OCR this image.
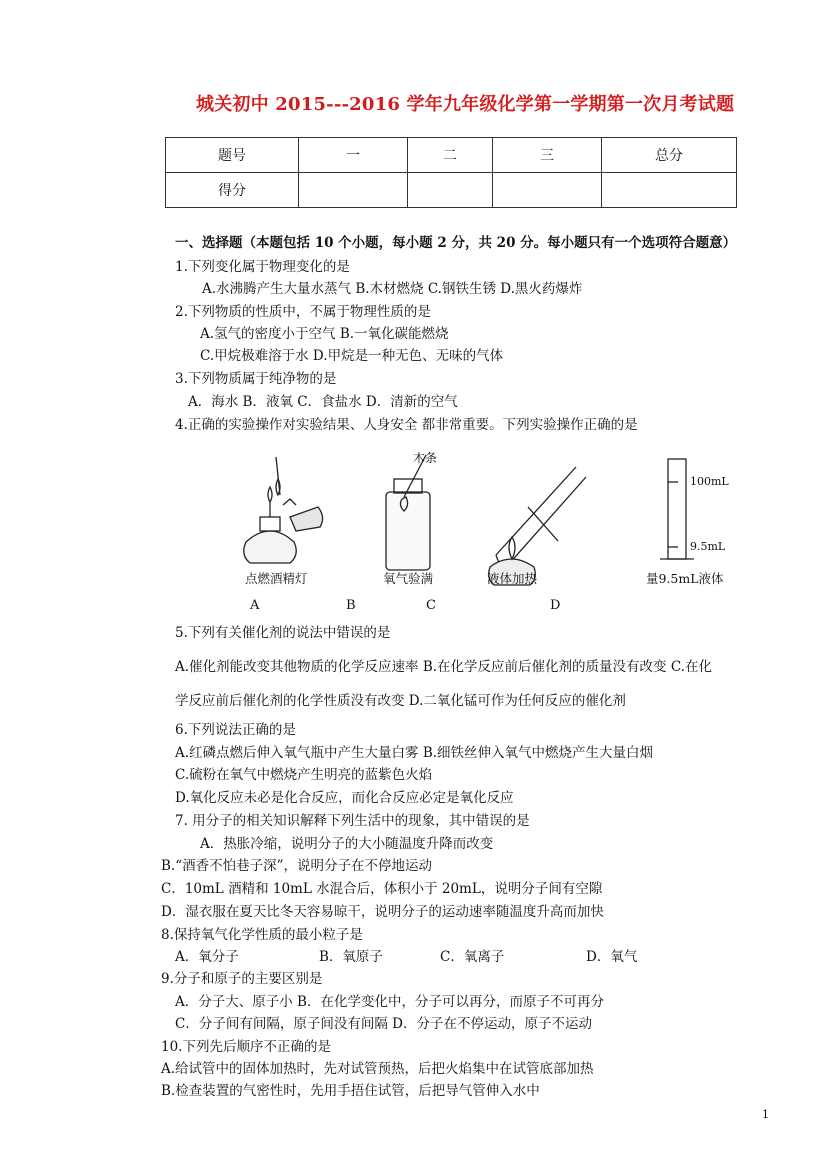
城关初中 2015---2016 学年九年级化学第一学期第一次月考试题
题号	一	二	三	总分
得分				
一、选择题（本题包括 10 个小题，每小题 2 分，共 20 分。每小题只有一个选项符合题意）
1.下列变化属于物理变化的是
A.水沸腾产生大量水蒸气 B.木材燃烧 C.钢铁生锈 D.黑火药爆炸
2.下列物质的性质中，不属于物理性质的是
A.氢气的密度小于空气 B.一氧化碳能燃烧
C.甲烷极难溶于水 D.甲烷是一种无色、无味的气体
3.下列物质属于纯净物的是
A．海水 B．液氧 C．食盐水 D．清新的空气
4.正确的实验操作对实验结果、人身安全 都非常重要。下列实验操作正确的是
木条
100mL
9.5mL
点燃酒精灯	氧气验满	液体加热	量9.5mL液体
A	B	C	D
5.下列有关催化剂的说法中错误的是
A.催化剂能改变其他物质的化学反应速率 B.在化学反应前后催化剂的质量没有改变 C.在化
学反应前后催化剂的化学性质没有改变 D.二氧化锰可作为任何反应的催化剂
6.下列说法正确的是
A.红磷点燃后伸入氧气瓶中产生大量白雾 B.细铁丝伸入氧气中燃烧产生大量白烟
C.硫粉在氧气中燃烧产生明亮的蓝紫色火焰
D.氧化反应未必是化合反应，而化合反应必定是氧化反应
7. 用分子的相关知识解释下列生活中的现象，其中错误的是
A．热胀冷缩，说明分子的大小随温度升降而改变
B.“酒香不怕巷子深”，说明分子在不停地运动
C．10mL 酒精和 10mL 水混合后，体积小于 20mL，说明分子间有空隙
D．湿衣服在夏天比冬天容易晾干，说明分子的运动速率随温度升高而加快
8.保持氧气化学性质的最小粒子是
A．氧分子	B．氧原子	C．氧离子	D．氧气
9.分子和原子的主要区别是
A．分子大、原子小 B．在化学变化中，分子可以再分，而原子不可再分
C．分子间有间隔，原子间没有间隔 D．分子在不停运动，原子不运动
10.下列先后顺序不正确的是
A.给试管中的固体加热时，先对试管预热，后把火焰集中在试管底部加热
B.检查装置的气密性时，先用手捂住试管，后把导气管伸入水中
1
